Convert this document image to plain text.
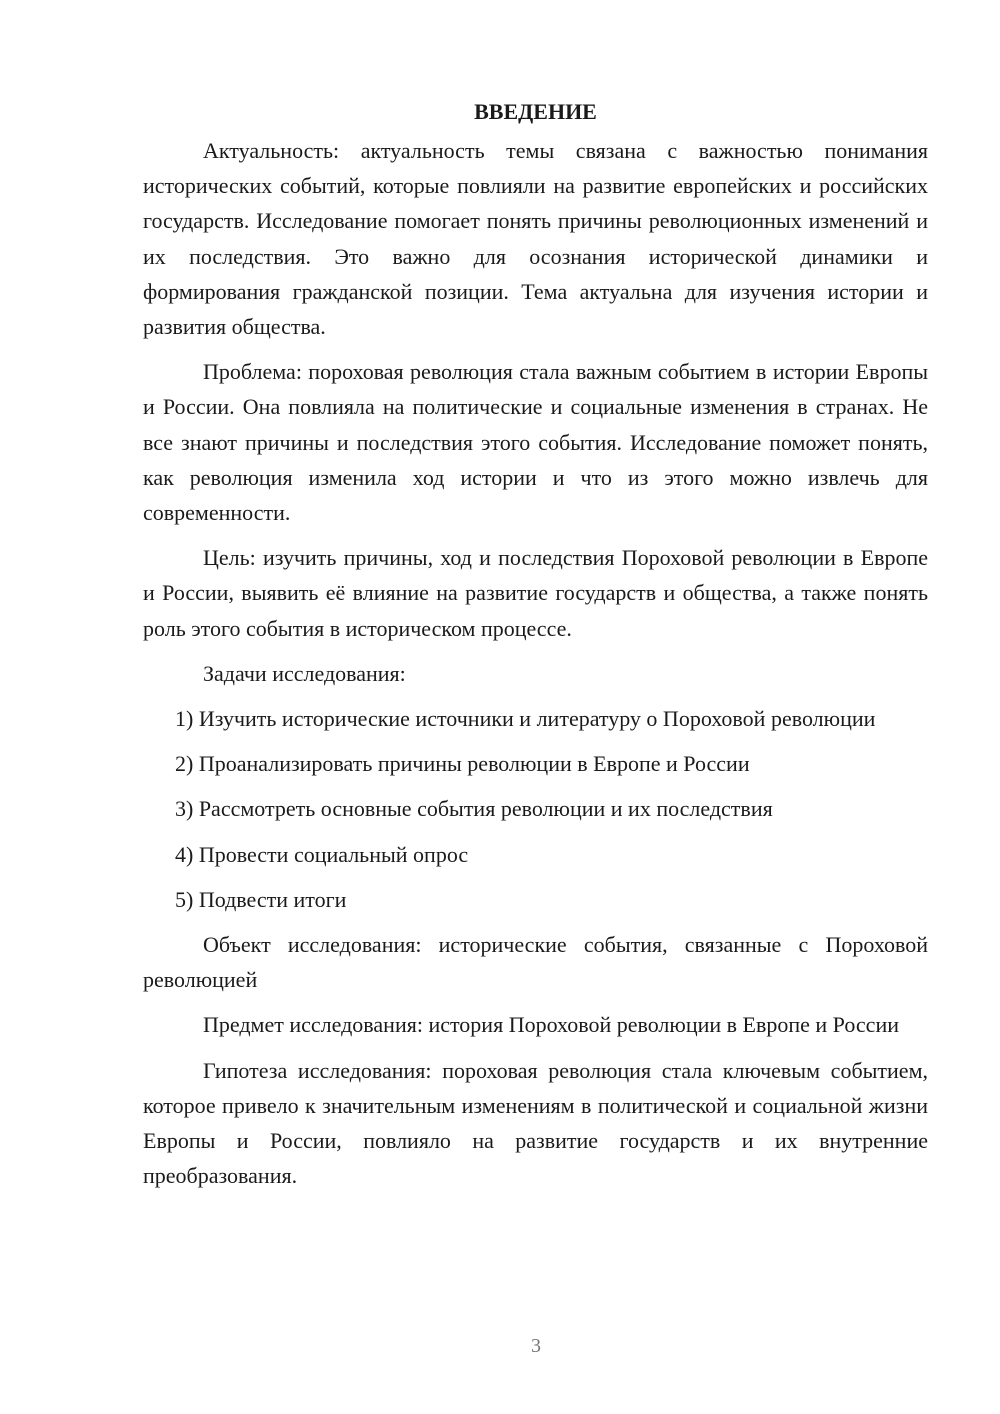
ВВЕДЕНИЕ

Актуальность: актуальность темы связана с важностью понимания исторических событий, которые повлияли на развитие европейских и российских государств. Исследование помогает понять причины революционных изменений и их последствия. Это важно для осознания исторической динамики и формирования гражданской позиции. Тема актуальна для изучения истории и развития общества.

Проблема: пороховая революция стала важным событием в истории Европы и России. Она повлияла на политические и социальные изменения в странах. Не все знают причины и последствия этого события. Исследование поможет понять, как революция изменила ход истории и что из этого можно извлечь для современности.

Цель: изучить причины, ход и последствия Пороховой революции в Европе и России, выявить её влияние на развитие государств и общества, а также понять роль этого события в историческом процессе.

Задачи исследования:

1) Изучить исторические источники и литературу о Пороховой революции

2) Проанализировать причины революции в Европе и России

3) Рассмотреть основные события революции и их последствия

4) Провести социальный опрос

5) Подвести итоги

Объект исследования: исторические события, связанные с Пороховой революцией

Предмет исследования: история Пороховой революции в Европе и России

Гипотеза исследования: пороховая революция стала ключевым событием, которое привело к значительным изменениям в политической и социальной жизни Европы и России, повлияло на развитие государств и их внутренние преобразования.

3
